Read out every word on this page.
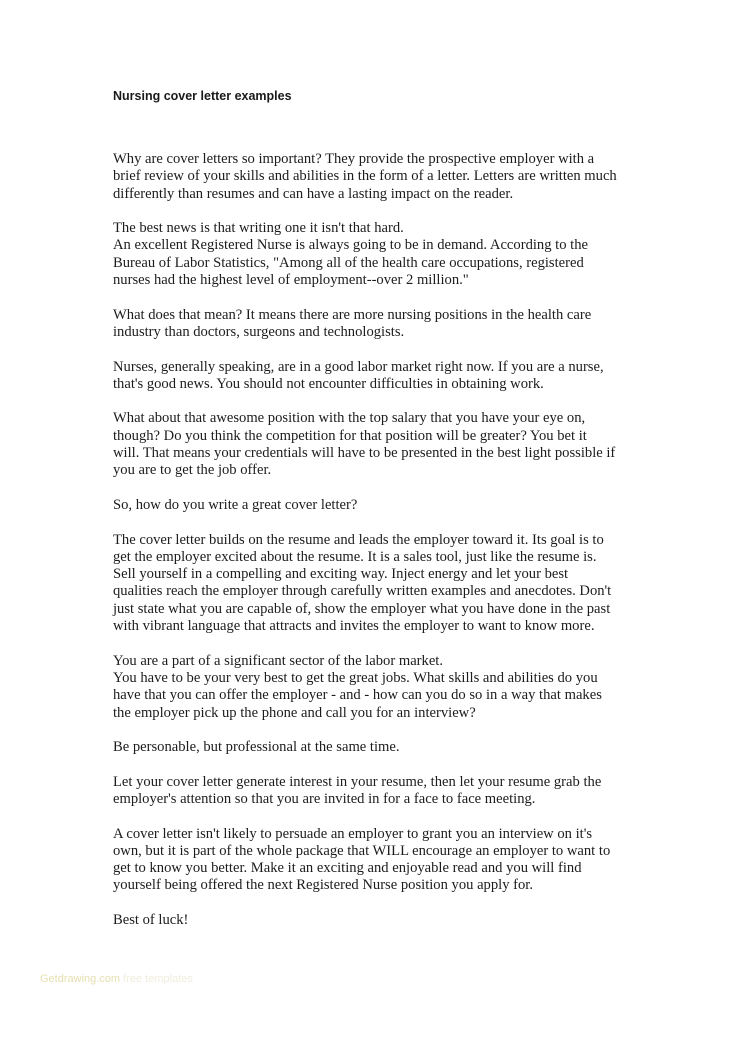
Nursing cover letter examples

Why are cover letters so important? They provide the prospective employer with a
brief review of your skills and abilities in the form of a letter. Letters are written much
differently than resumes and can have a lasting impact on the reader.

The best news is that writing one it isn't that hard.
An excellent Registered Nurse is always going to be in demand. According to the
Bureau of Labor Statistics, "Among all of the health care occupations, registered
nurses had the highest level of employment--over 2 million."

What does that mean? It means there are more nursing positions in the health care
industry than doctors, surgeons and technologists.

Nurses, generally speaking, are in a good labor market right now. If you are a nurse,
that's good news. You should not encounter difficulties in obtaining work.

What about that awesome position with the top salary that you have your eye on,
though? Do you think the competition for that position will be greater? You bet it
will. That means your credentials will have to be presented in the best light possible if
you are to get the job offer.

So, how do you write a great cover letter?

The cover letter builds on the resume and leads the employer toward it. Its goal is to
get the employer excited about the resume. It is a sales tool, just like the resume is.
Sell yourself in a compelling and exciting way. Inject energy and let your best
qualities reach the employer through carefully written examples and anecdotes. Don't
just state what you are capable of, show the employer what you have done in the past
with vibrant language that attracts and invites the employer to want to know more.

You are a part of a significant sector of the labor market.
You have to be your very best to get the great jobs. What skills and abilities do you
have that you can offer the employer - and - how can you do so in a way that makes
the employer pick up the phone and call you for an interview?

Be personable, but professional at the same time.

Let your cover letter generate interest in your resume, then let your resume grab the
employer's attention so that you are invited in for a face to face meeting.

A cover letter isn't likely to persuade an employer to grant you an interview on it's
own, but it is part of the whole package that WILL encourage an employer to want to
get to know you better. Make it an exciting and enjoyable read and you will find
yourself being offered the next Registered Nurse position you apply for.

Best of luck!

Getdrawing.com free templates
